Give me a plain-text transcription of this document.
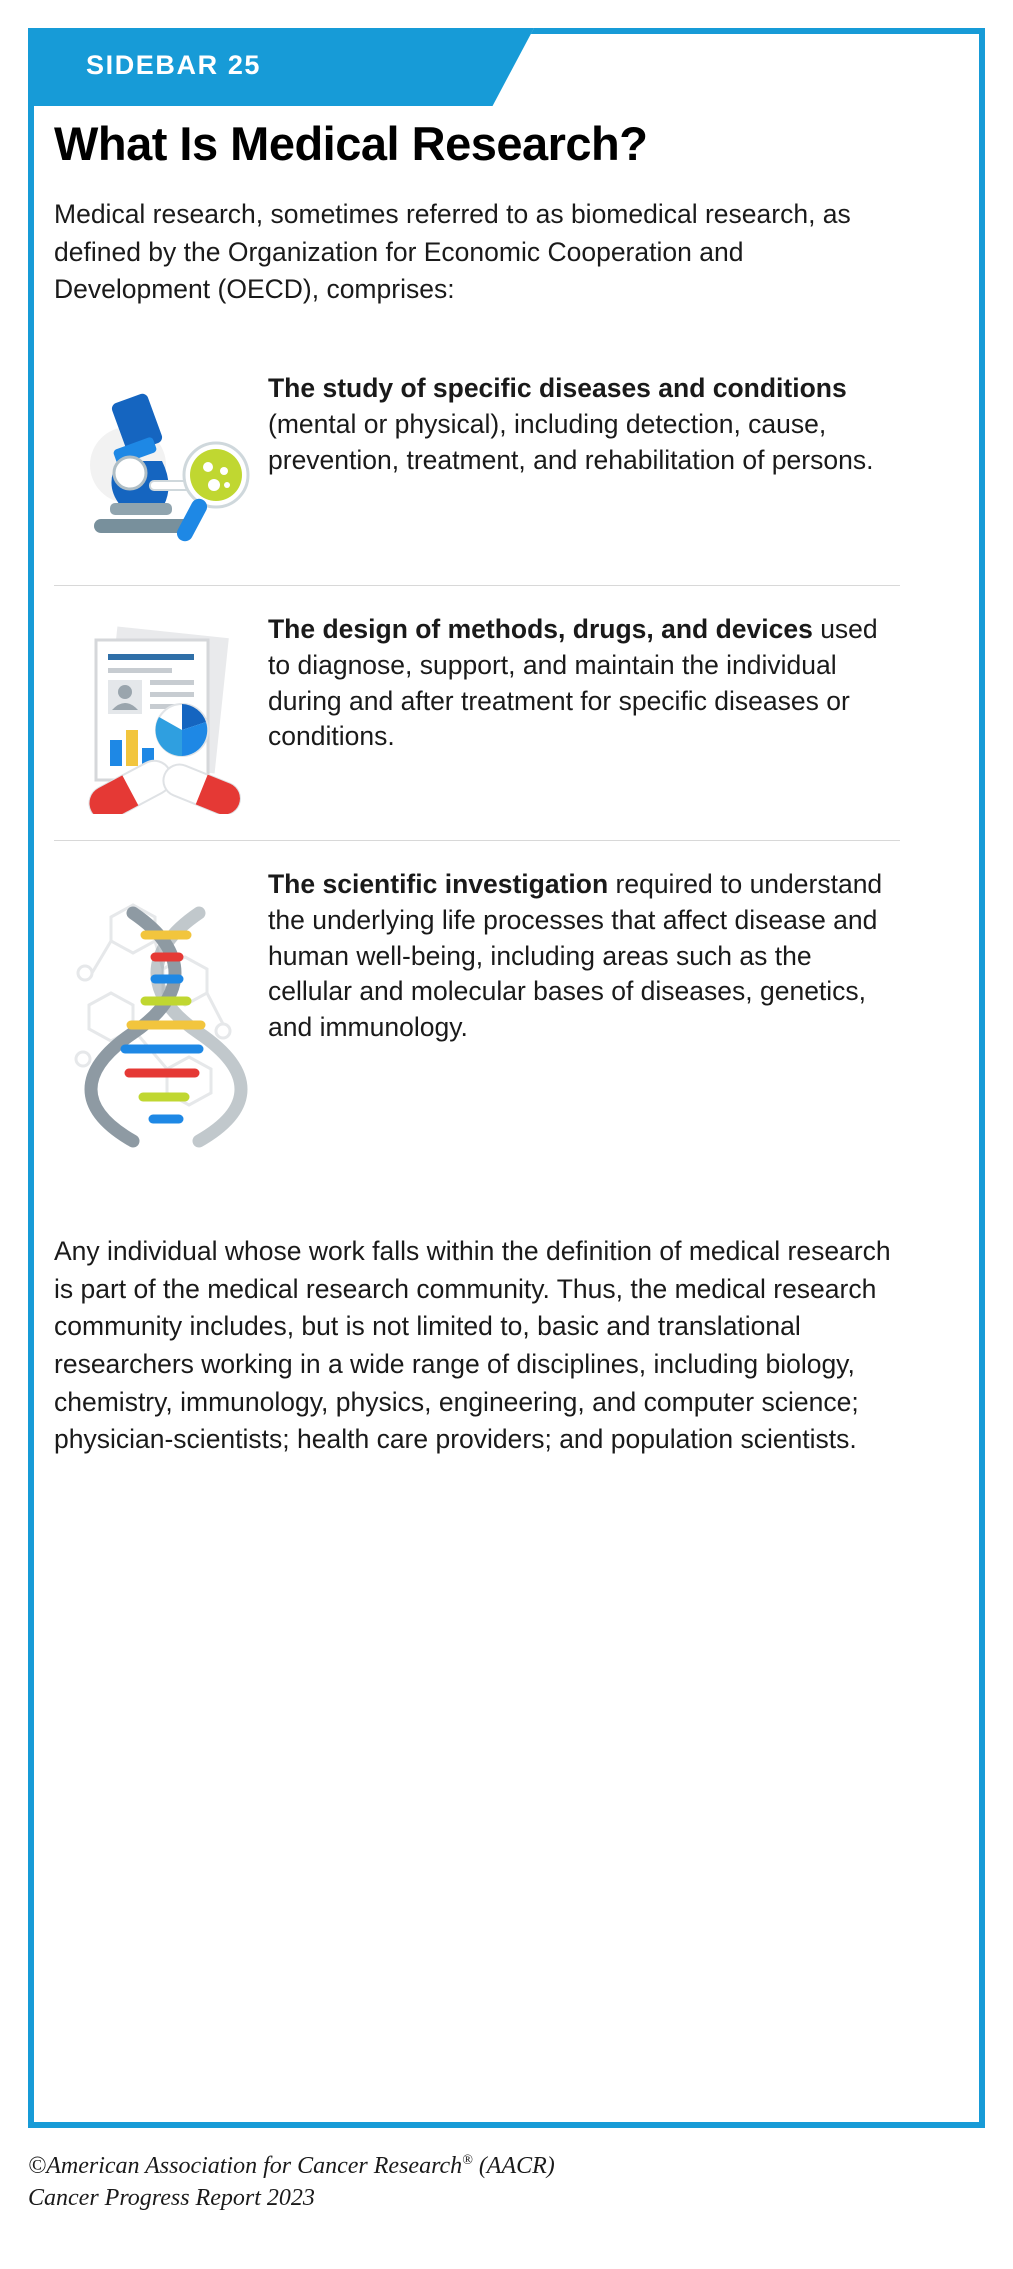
SIDEBAR 25
What Is Medical Research?

Medical research, sometimes referred to as biomedical research, as defined by the Organization for Economic Cooperation and Development (OECD), comprises:

The study of specific diseases and conditions (mental or physical), including detection, cause, prevention, treatment, and rehabilitation of persons.
The design of methods, drugs, and devices used to diagnose, support, and maintain the individual during and after treatment for specific diseases or conditions.
The scientific investigation required to understand the underlying life processes that affect disease and human well-being, including areas such as the cellular and molecular bases of diseases, genetics, and immunology.

Any individual whose work falls within the definition of medical research is part of the medical research community. Thus, the medical research community includes, but is not limited to, basic and translational researchers working in a wide range of disciplines, including biology, chemistry, immunology, physics, engineering, and computer science; physician-scientists; health care providers; and population scientists.

©American Association for Cancer Research® (AACR)
Cancer Progress Report 2023
